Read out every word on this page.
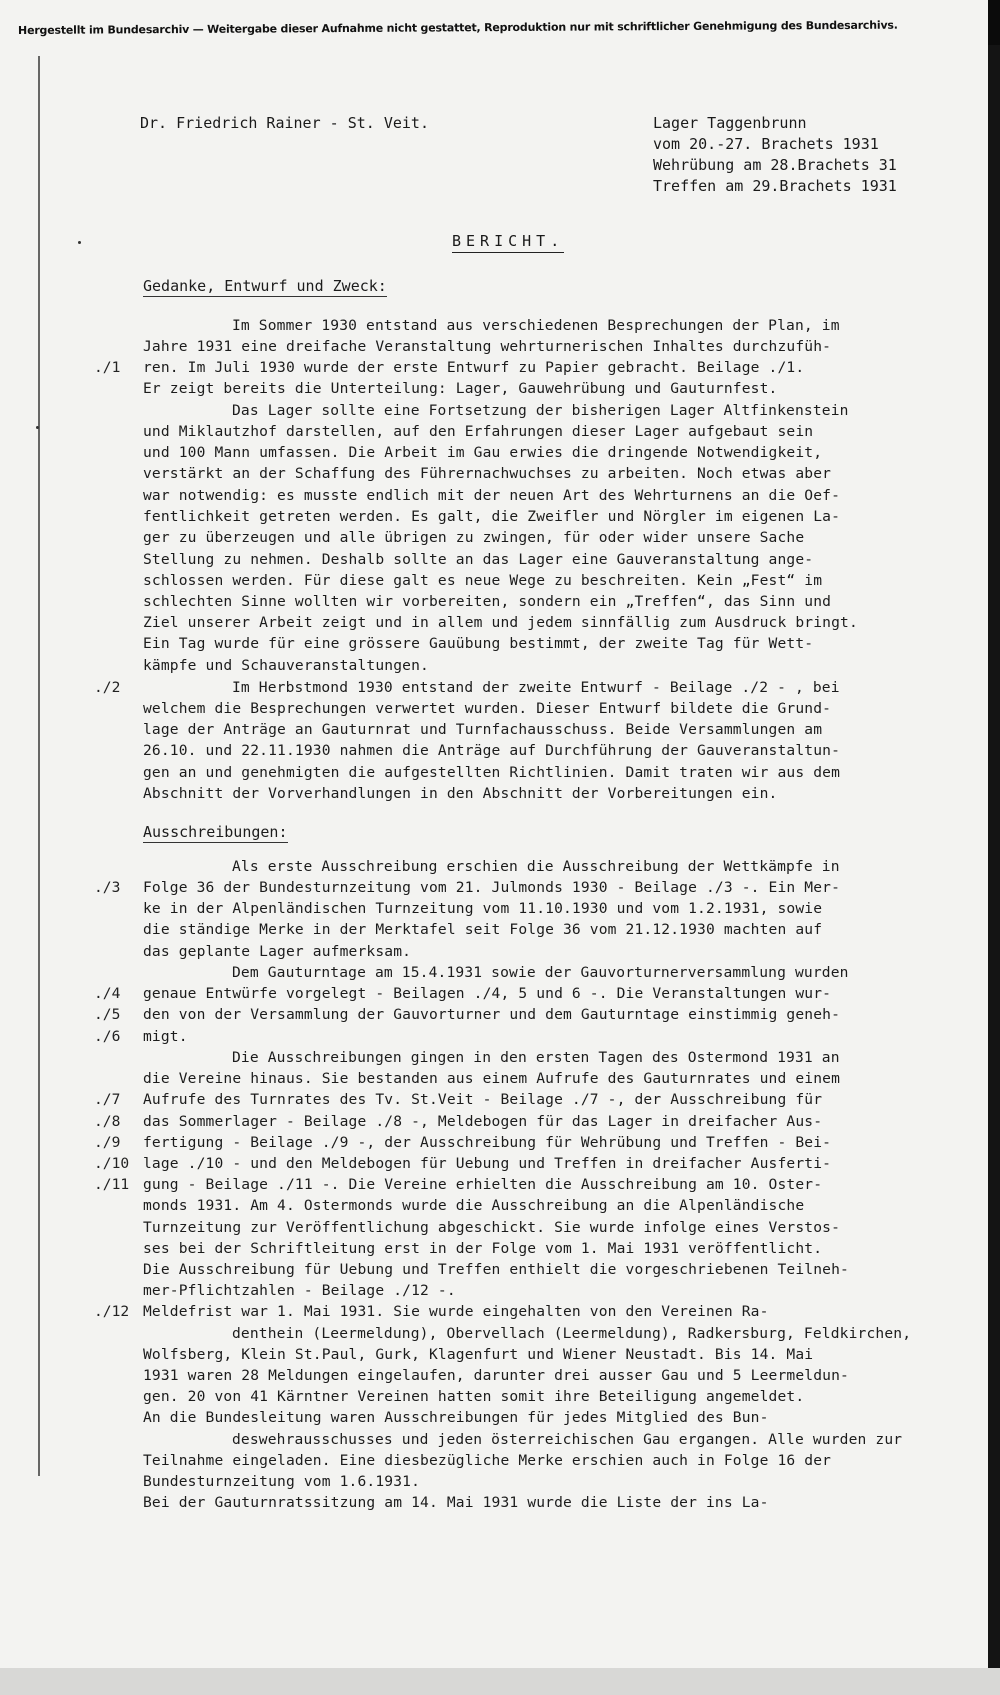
Hergestellt im Bundesarchiv — Weitergabe dieser Aufnahme nicht gestattet, Reproduktion nur mit schriftlicher Genehmigung des Bundesarchivs.
Dr. Friedrich Rainer - St. Veit.	Lager Taggenbrunn
vom 20.-27. Brachets 1931
Wehrübung am 28.Brachets 31
Treffen am 29.Brachets 1931
BERICHT.
Gedanke, Entwurf und Zweck:
Ausschreibungen:
Im Sommer 1930 entstand aus verschiedenen Besprechungen der Plan, im
Jahre 1931 eine dreifache Veranstaltung wehrturnerischen Inhaltes durchzufüh-
ren. Im Juli 1930 wurde der erste Entwurf zu Papier gebracht. Beilage ./1.
Er zeigt bereits die Unterteilung: Lager, Gauwehrübung und Gauturnfest.
Das Lager sollte eine Fortsetzung der bisherigen Lager Altfinkenstein
und Miklautzhof darstellen, auf den Erfahrungen dieser Lager aufgebaut sein
und 100 Mann umfassen. Die Arbeit im Gau erwies die dringende Notwendigkeit,
verstärkt an der Schaffung des Führernachwuchses zu arbeiten. Noch etwas aber
war notwendig: es musste endlich mit der neuen Art des Wehrturnens an die Oef-
fentlichkeit getreten werden. Es galt, die Zweifler und Nörgler im eigenen La-
ger zu überzeugen und alle übrigen zu zwingen, für oder wider unsere Sache
Stellung zu nehmen. Deshalb sollte an das Lager eine Gauveranstaltung ange-
schlossen werden. Für diese galt es neue Wege zu beschreiten. Kein „Fest“ im
schlechten Sinne wollten wir vorbereiten, sondern ein „Treffen“, das Sinn und
Ziel unserer Arbeit zeigt und in allem und jedem sinnfällig zum Ausdruck bringt.
Ein Tag wurde für eine grössere Gauübung bestimmt, der zweite Tag für Wett-
kämpfe und Schauveranstaltungen.
Im Herbstmond 1930 entstand der zweite Entwurf - Beilage ./2 - , bei
welchem die Besprechungen verwertet wurden. Dieser Entwurf bildete die Grund-
lage der Anträge an Gauturnrat und Turnfachausschuss. Beide Versammlungen am
26.10. und 22.11.1930 nahmen die Anträge auf Durchführung der Gauveranstaltun-
gen an und genehmigten die aufgestellten Richtlinien. Damit traten wir aus dem
Abschnitt der Vorverhandlungen in den Abschnitt der Vorbereitungen ein.
Als erste Ausschreibung erschien die Ausschreibung der Wettkämpfe in
Folge 36 der Bundesturnzeitung vom 21. Julmonds 1930 - Beilage ./3 -. Ein Mer-
ke in der Alpenländischen Turnzeitung vom 11.10.1930 und vom 1.2.1931, sowie
die ständige Merke in der Merktafel seit Folge 36 vom 21.12.1930 machten auf
das geplante Lager aufmerksam.
Dem Gauturntage am 15.4.1931 sowie der Gauvorturnerversammlung wurden
genaue Entwürfe vorgelegt - Beilagen ./4, 5 und 6 -. Die Veranstaltungen wur-
den von der Versammlung der Gauvorturner und dem Gauturntage einstimmig geneh-
migt.
Die Ausschreibungen gingen in den ersten Tagen des Ostermond 1931 an
die Vereine hinaus. Sie bestanden aus einem Aufrufe des Gauturnrates und einem
Aufrufe des Turnrates des Tv. St.Veit - Beilage ./7 -, der Ausschreibung für
das Sommerlager - Beilage ./8 -, Meldebogen für das Lager in dreifacher Aus-
fertigung - Beilage ./9 -, der Ausschreibung für Wehrübung und Treffen - Bei-
lage ./10 - und den Meldebogen für Uebung und Treffen in dreifacher Ausferti-
gung - Beilage ./11 -. Die Vereine erhielten die Ausschreibung am 10. Oster-
monds 1931. Am 4. Ostermonds wurde die Ausschreibung an die Alpenländische
Turnzeitung zur Veröffentlichung abgeschickt. Sie wurde infolge eines Verstos-
ses bei der Schriftleitung erst in der Folge vom 1. Mai 1931 veröffentlicht.
Die Ausschreibung für Uebung und Treffen enthielt die vorgeschriebenen Teilneh-
mer-Pflichtzahlen - Beilage ./12 -.
Meldefrist war 1. Mai 1931. Sie wurde eingehalten von den Vereinen Ra-
denthein (Leermeldung), Obervellach (Leermeldung), Radkersburg, Feldkirchen,
Wolfsberg, Klein St.Paul, Gurk, Klagenfurt und Wiener Neustadt. Bis 14. Mai
1931 waren 28 Meldungen eingelaufen, darunter drei ausser Gau und 5 Leermeldun-
gen. 20 von 41 Kärntner Vereinen hatten somit ihre Beteiligung angemeldet.
An die Bundesleitung waren Ausschreibungen für jedes Mitglied des Bun-
deswehrausschusses und jeden österreichischen Gau ergangen. Alle wurden zur
Teilnahme eingeladen. Eine diesbezügliche Merke erschien auch in Folge 16 der
Bundesturnzeitung vom 1.6.1931.
Bei der Gauturnratssitzung am 14. Mai 1931 wurde die Liste der ins La-
./1
./2
./3
./4
./5
./6
./7
./8
./9
./10
./11
./12
